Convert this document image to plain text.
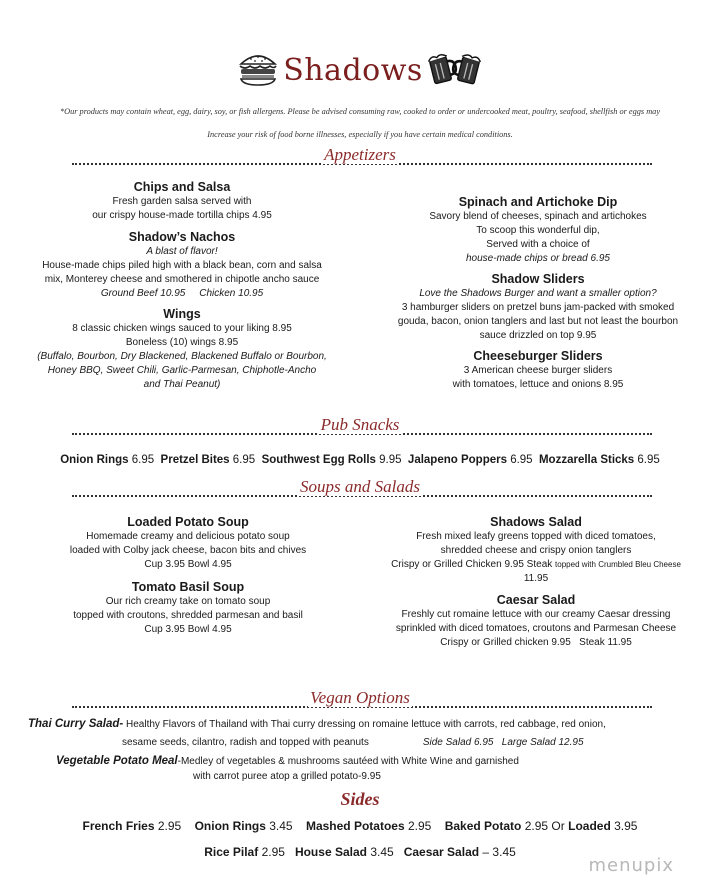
Shadows
*Our products may contain wheat, egg, dairy, soy, or fish allergens. Please be advised consuming raw, cooked to order or undercooked meat, poultry, seafood, shellfish or eggs may
Increase your risk of food borne illnesses, especially if you have certain medical conditions.
Appetizers
Chips and Salsa
Fresh garden salsa served with
our crispy house-made tortilla chips 4.95
Shadow’s Nachos
A blast of flavor!
House-made chips piled high with a black bean, corn and salsa
mix, Monterey cheese and smothered in chipotle ancho sauce
Ground Beef 10.95     Chicken 10.95
Wings
8 classic chicken wings sauced to your liking 8.95
Boneless (10) wings 8.95
(Buffalo, Bourbon, Dry Blackened, Blackened Buffalo or Bourbon,
Honey BBQ, Sweet Chili, Garlic-Parmesan, Chiphotle-Ancho
and Thai Peanut)
Spinach and Artichoke Dip
Savory blend of cheeses, spinach and artichokes
To scoop this wonderful dip,
Served with a choice of
house-made chips or bread 6.95
Shadow Sliders
Love the Shadows Burger and want a smaller option?
3 hamburger sliders on pretzel buns jam-packed with smoked
gouda, bacon, onion tanglers and last but not least the bourbon
sauce drizzled on top 9.95
Cheeseburger Sliders
3 American cheese burger sliders
with tomatoes, lettuce and onions 8.95
Pub Snacks
Onion Rings 6.95 Pretzel Bites 6.95 Southwest Egg Rolls 9.95 Jalapeno Poppers 6.95 Mozzarella Sticks 6.95
Soups and Salads
Loaded Potato Soup
Homemade creamy and delicious potato soup
loaded with Colby jack cheese, bacon bits and chives
Cup 3.95 Bowl 4.95
Tomato Basil Soup
Our rich creamy take on tomato soup
topped with croutons, shredded parmesan and basil
Cup 3.95 Bowl 4.95
Shadows Salad
Fresh mixed leafy greens topped with diced tomatoes,
shredded cheese and crispy onion tanglers
Crispy or Grilled Chicken 9.95 Steak topped with Crumbled Bleu Cheese
11.95
Caesar Salad
Freshly cut romaine lettuce with our creamy Caesar dressing
sprinkled with diced tomatoes, croutons and Parmesan Cheese
Crispy or Grilled chicken 9.95   Steak 11.95
Vegan Options
Thai Curry Salad- Healthy Flavors of Thailand with Thai curry dressing on romaine lettuce with carrots, red cabbage, red onion,
sesame seeds, cilantro, radish and topped with peanuts	Side Salad 6.95   Large Salad 12.95
Vegetable Potato Meal-Medley of vegetables & mushrooms sautéed with White Wine and garnished
with carrot puree atop a grilled potato-9.95
Sides
French Fries 2.95 Onion Rings 3.45 Mashed Potatoes 2.95 Baked Potato 2.95 Or Loaded 3.95
Rice Pilaf 2.95 House Salad 3.45 Caesar Salad – 3.45
menupix
